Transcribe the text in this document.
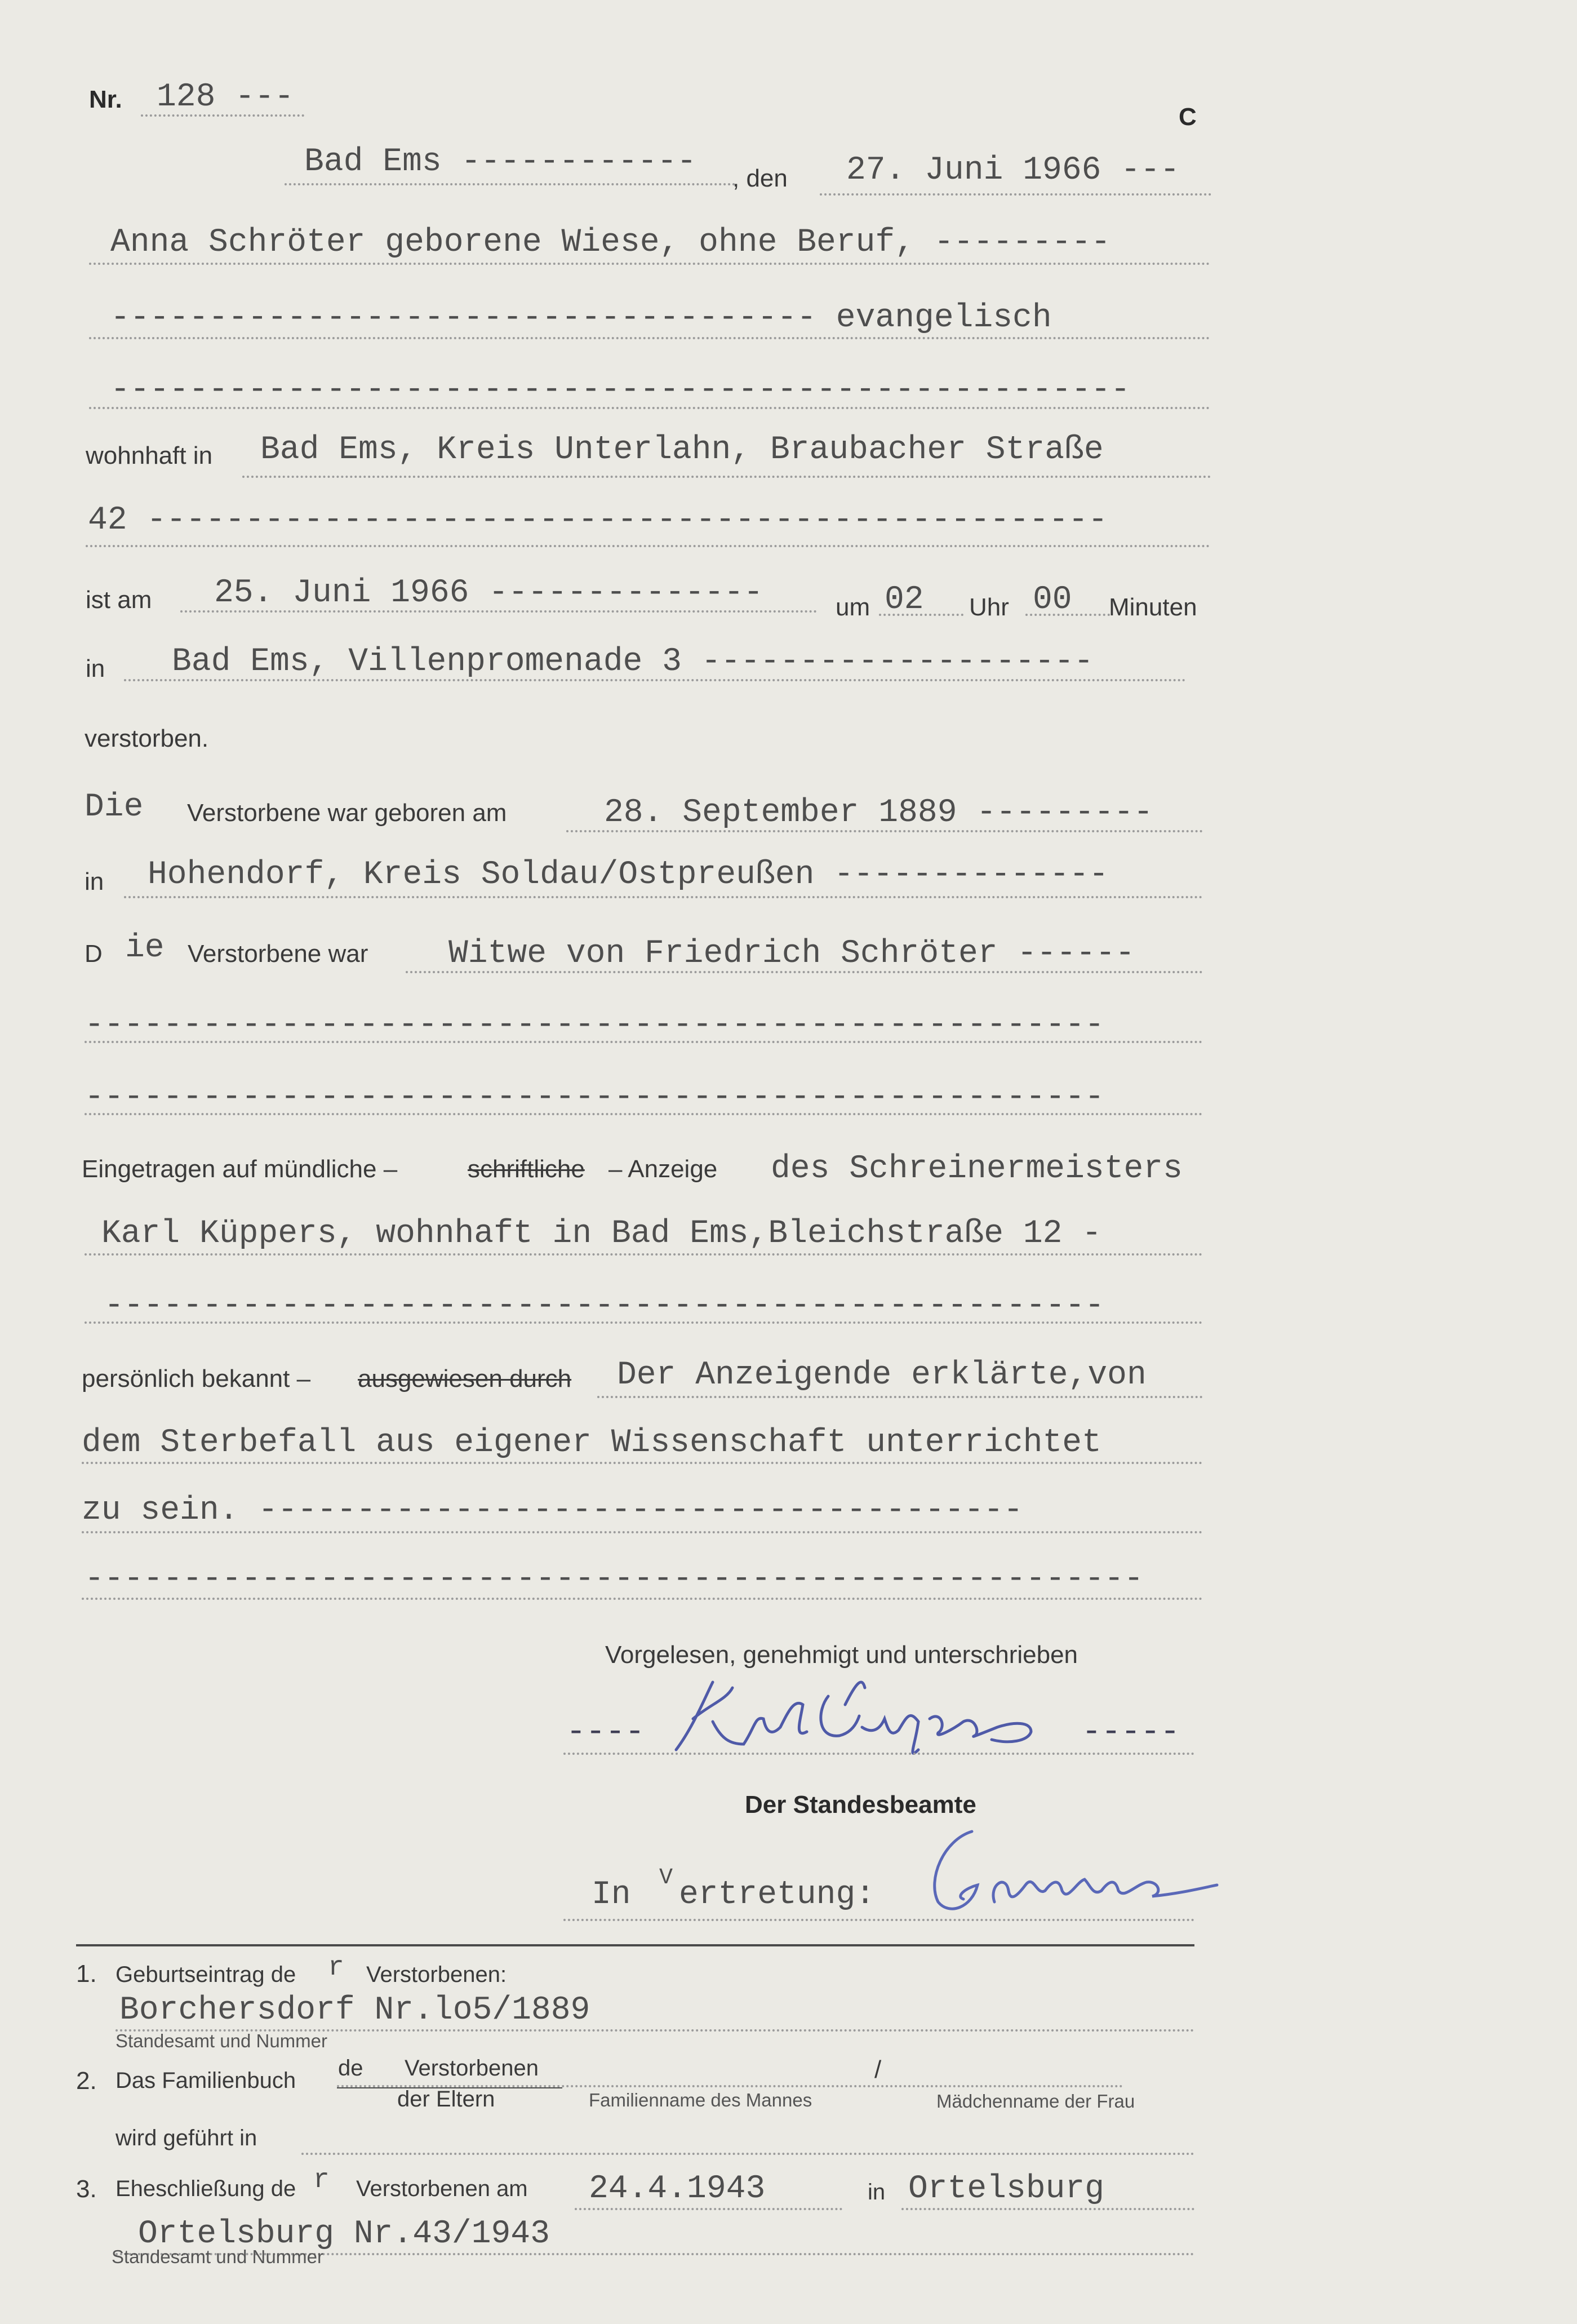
Nr. 128 ---
C
Bad Ems ------------ , den 27. Juni 1966 ---
Anna Schröter geborene Wiese, ohne Beruf, ---------
------------------------------------ evangelisch
----------------------------------------------------
wohnhaft in Bad Ems, Kreis Unterlahn, Braubacher Straße
42 -------------------------------------------------
ist am 25. Juni 1966 --------------	um 02 Uhr 00 Minuten
in Bad Ems, Villenpromenade 3 --------------------
verstorben.
Die Verstorbene war geboren am	28. September 1889 ---------
in Hohendorf, Kreis Soldau/Ostpreußen --------------
D ie Verstorbene war Witwe von Friedrich Schröter ------
----------------------------------------------------
----------------------------------------------------
Eingetragen auf mündliche –	schriftliche – Anzeige des Schreinermeisters
Karl Küppers, wohnhaft in Bad Ems,Bleichstraße 12 -
---------------------------------------------------
persönlich bekannt – ausgewiesen durch Der Anzeigende erklärte,von
dem Sterbefall aus eigener Wissenschaft unterrichtet
zu sein. ---------------------------------------
------------------------------------------------------
Vorgelesen, genehmigt und unterschrieben
----	-----
Der Standesbeamte
In V ertretung:
1. Geburtseintrag de r Verstorbenen:
Borchersdorf Nr.lo5/1889
Standesamt und Nummer
2. Das Familienbuch de Verstorbenen
der Eltern
/
Familienname des Mannes	Mädchenname der Frau
wird geführt in
3. Eheschließung de r Verstorbenen am 24.4.1943	in Ortelsburg
Ortelsburg Nr.43/1943
Standesamt und Nummer
